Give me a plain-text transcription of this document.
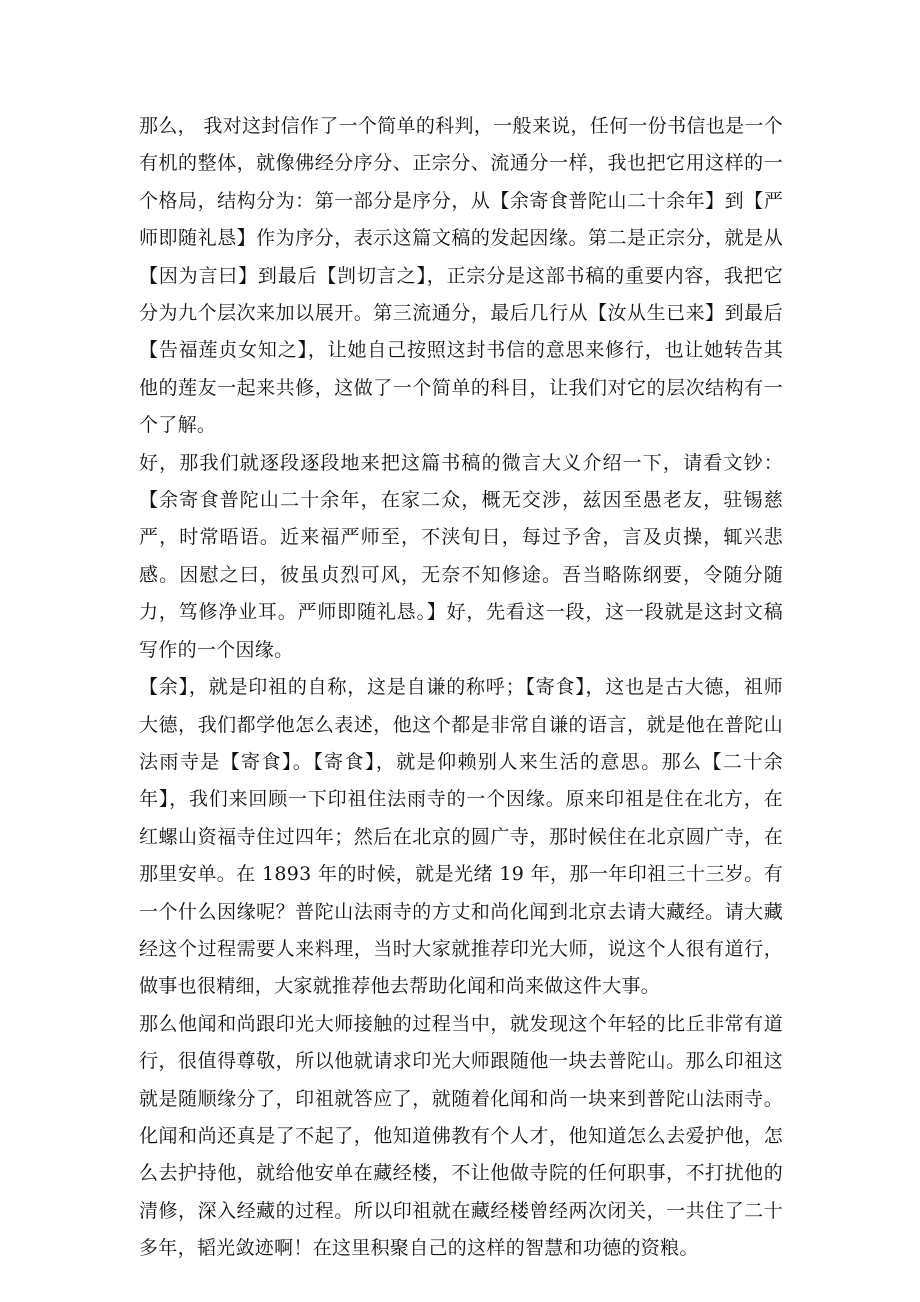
那么， 我对这封信作了一个简单的科判，一般来说，任何一份书信也是一个有机的整体，就像佛经分序分、正宗分、流通分一样，我也把它用这样的一个格局，结构分为：第一部分是序分，从【余寄食普陀山二十余年】到【严师即随礼恳】作为序分，表示这篇文稿的发起因缘。第二是正宗分，就是从【因为言曰】到最后【剀切言之】，正宗分是这部书稿的重要内容，我把它分为九个层次来加以展开。第三流通分，最后几行从【汝从生已来】到最后【告福莲贞女知之】，让她自己按照这封书信的意思来修行，也让她转告其他的莲友一起来共修，这做了一个简单的科目，让我们对它的层次结构有一个了解。

好，那我们就逐段逐段地来把这篇书稿的微言大义介绍一下，请看文钞：【余寄食普陀山二十余年，在家二众，概无交涉，兹因至愚老友，驻锡慈严，时常晤语。近来福严师至，不浃旬日，每过予舍，言及贞操，辄兴悲感。因慰之曰，彼虽贞烈可风，无奈不知修途。吾当略陈纲要，令随分随力，笃修净业耳。严师即随礼恳。】好，先看这一段，这一段就是这封文稿写作的一个因缘。

【余】，就是印祖的自称，这是自谦的称呼；【寄食】，这也是古大德，祖师大德，我们都学他怎么表述，他这个都是非常自谦的语言，就是他在普陀山法雨寺是【寄食】。【寄食】，就是仰赖别人来生活的意思。那么【二十余年】，我们来回顾一下印祖住法雨寺的一个因缘。原来印祖是住在北方，在红螺山资福寺住过四年；然后在北京的圆广寺，那时候住在北京圆广寺，在那里安单。在 1893 年的时候，就是光绪 19 年，那一年印祖三十三岁。有一个什么因缘呢？普陀山法雨寺的方丈和尚化闻到北京去请大藏经。请大藏经这个过程需要人来料理，当时大家就推荐印光大师，说这个人很有道行，做事也很精细，大家就推荐他去帮助化闻和尚来做这件大事。

那么他闻和尚跟印光大师接触的过程当中，就发现这个年轻的比丘非常有道行，很值得尊敬，所以他就请求印光大师跟随他一块去普陀山。那么印祖这就是随顺缘分了，印祖就答应了，就随着化闻和尚一块来到普陀山法雨寺。化闻和尚还真是了不起了，他知道佛教有个人才，他知道怎么去爱护他，怎么去护持他，就给他安单在藏经楼，不让他做寺院的任何职事，不打扰他的清修，深入经藏的过程。所以印祖就在藏经楼曾经两次闭关，一共住了二十多年，韬光敛迹啊！在这里积聚自己的这样的智慧和功德的资粮。
